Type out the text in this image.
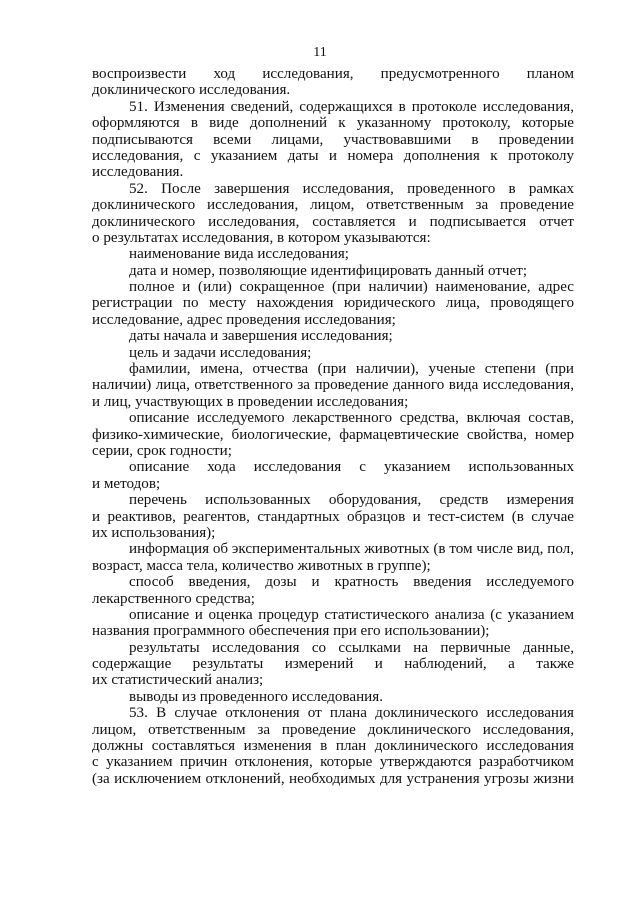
11
воспроизвести ход исследования, предусмотренного планом
доклинического исследования.
51. Изменения сведений, содержащихся в протоколе исследования,
оформляются в виде дополнений к указанному протоколу, которые
подписываются всеми лицами, участвовавшими в проведении
исследования, с указанием даты и номера дополнения к протоколу
исследования.
52. После завершения исследования, проведенного в рамках
доклинического исследования, лицом, ответственным за проведение
доклинического исследования, составляется и подписывается отчет
о результатах исследования, в котором указываются:
наименование вида исследования;
дата и номер, позволяющие идентифицировать данный отчет;
полное и (или) сокращенное (при наличии) наименование, адрес
регистрации по месту нахождения юридического лица, проводящего
исследование, адрес проведения исследования;
даты начала и завершения исследования;
цель и задачи исследования;
фамилии, имена, отчества (при наличии), ученые степени (при
наличии) лица, ответственного за проведение данного вида исследования,
и лиц, участвующих в проведении исследования;
описание исследуемого лекарственного средства, включая состав,
физико-химические, биологические, фармацевтические свойства, номер
серии, срок годности;
описание хода исследования с указанием использованных
и методов;
перечень использованных оборудования, средств измерения
и реактивов, реагентов, стандартных образцов и тест-систем (в случае
их использования);
информация об экспериментальных животных (в том числе вид, пол,
возраст, масса тела, количество животных в группе);
способ введения, дозы и кратность введения исследуемого
лекарственного средства;
описание и оценка процедур статистического анализа (с указанием
названия программного обеспечения при его использовании);
результаты исследования со ссылками на первичные данные,
содержащие результаты измерений и наблюдений, а также
их статистический анализ;
выводы из проведенного исследования.
53. В случае отклонения от плана доклинического исследования
лицом, ответственным за проведение доклинического исследования,
должны составляться изменения в план доклинического исследования
с указанием причин отклонения, которые утверждаются разработчиком
(за исключением отклонений, необходимых для устранения угрозы жизни
